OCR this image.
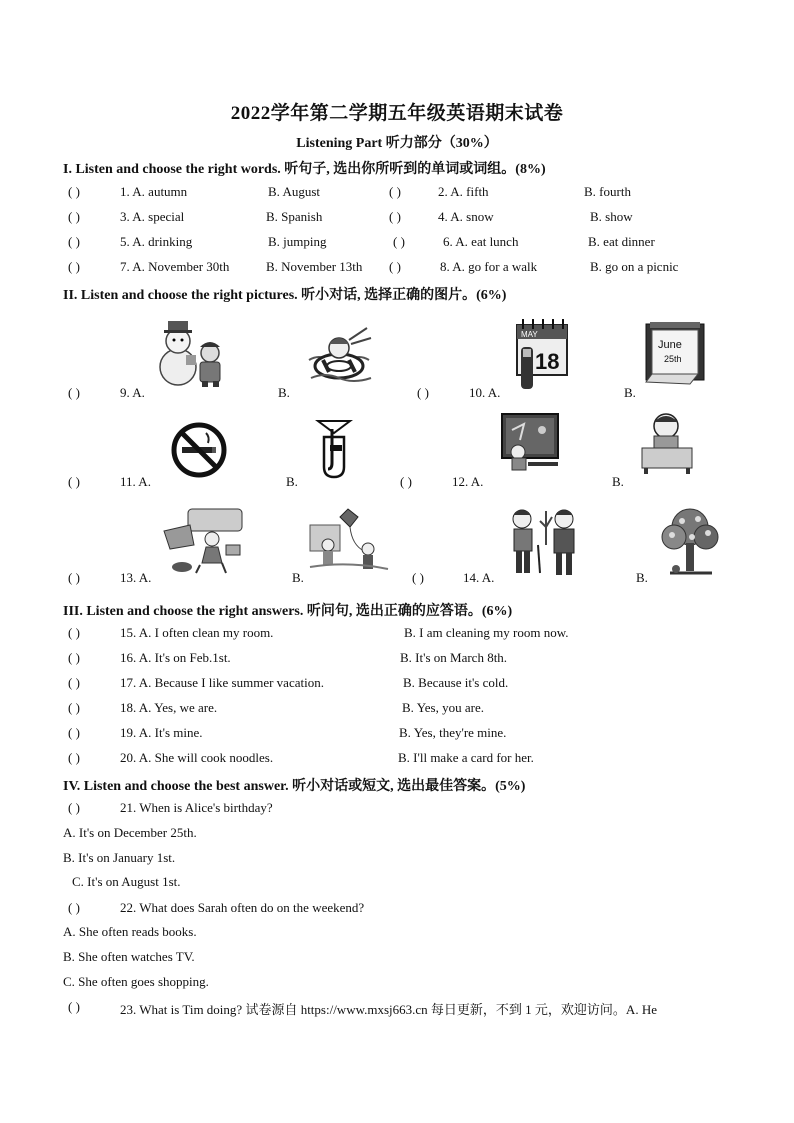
2022学年第二学期五年级英语期末试卷
Listening Part 听力部分（30%）
I. Listen and choose the right words. 听句子, 选出你所听到的单词或词组。(8%)
( )	1. A. autumn	B. August	( )	2. A. fifth	B. fourth
( )	3. A. special	B. Spanish	( )	4. A. snow	B. show
( )	5. A. drinking	B. jumping	( )	6. A. eat lunch	B. eat dinner
( )	7. A. November 30th	B. November 13th ( )	8. A. go for a walk	B. go on a picnic
II. Listen and choose the right pictures. 听小对话, 选择正确的图片。(6%)
MAY
18
June
25th
( )	9. A.	B.	( )	10. A.	B.
( )	11. A.	B.	( )	12. A.	B.
( )	13. A.	B.	( )	14. A.	B.
III. Listen and choose the right answers. 听问句, 选出正确的应答语。(6%)
( )	15. A. I often clean my room.	B. I am cleaning my room now.
( )	16. A. It's on Feb.1st.	B. It's on March 8th.
( )	17. A. Because I like summer vacation.	B. Because it's cold.
( )	18. A. Yes, we are.	B. Yes, you are.
( )	19. A. It's mine.	B. Yes, they're mine.
( )	20. A. She will cook noodles.	B. I'll make a card for her.
IV. Listen and choose the best answer. 听小对话或短文, 选出最佳答案。(5%)
( )	21. When is Alice's birthday?
A. It's on December 25th.
B. It's on January 1st.
C. It's on August 1st.
( )	22. What does Sarah often do on the weekend?
A. She often reads books.
B. She often watches TV.
C. She often goes shopping.
( )	23. What is Tim doing? 试卷源自 https://www.mxsj663.cn 每日更新，不到 1 元，欢迎访问。A. He
